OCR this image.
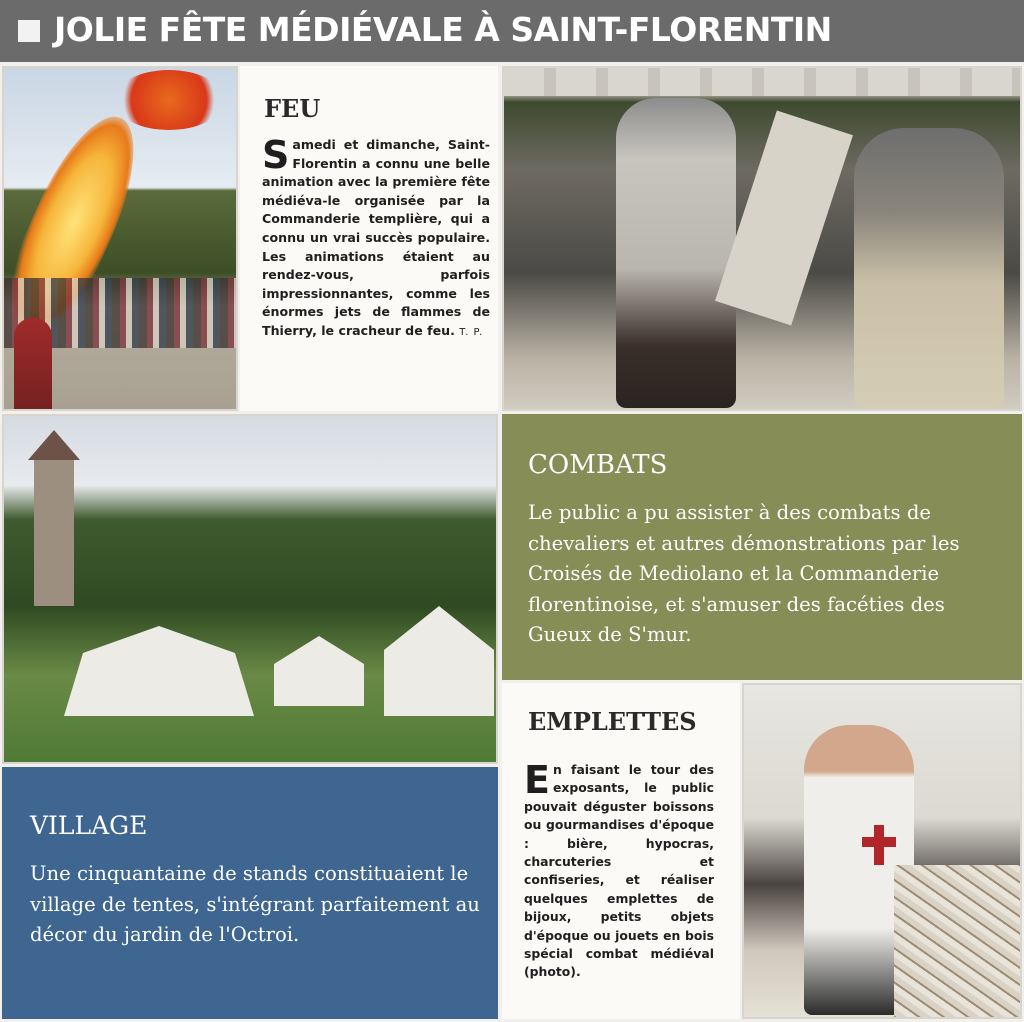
JOLIE FÊTE MÉDIÉVALE À SAINT-FLORENTIN
FEU
Samedi et dimanche, Saint-Florentin a connu une belle animation avec la première fête médiéva-le organisée par la Commanderie templière, qui a connu un vrai succès populaire. Les animations étaient au rendez-vous, parfois impressionnantes, comme les énormes jets de flammes de Thierry, le cracheur de feu. T. P.
COMBATS
Le public a pu assister à des combats de chevaliers et autres démonstrations par les Croisés de Mediolano et la Commanderie florentinoise, et s'amuser des facéties des Gueux de S'mur.
EMPLETTES
En faisant le tour des exposants, le public pouvait déguster boissons ou gourmandises d'époque : bière, hypocras, charcuteries et confiseries, et réaliser quelques emplettes de bijoux, petits objets d'époque ou jouets en bois spécial combat médiéval (photo).
VILLAGE
Une cinquantaine de stands constituaient le village de tentes, s'intégrant parfaitement au décor du jardin de l'Octroi.
